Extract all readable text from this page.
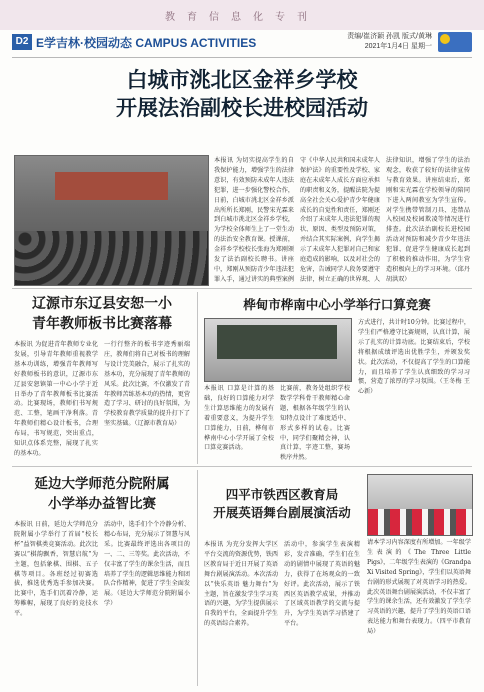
教育信息化专刊
D2 E学吉林·校园动态 CAMPUS ACTIVITIES	责编/崔济颖 孙凯 版式/黄琳
2021年1月4日 星期一
白城市洮北区金祥乡学校
开展法治副校长进校园活动
本报讯 为切实提高学生的自我保护能力，增强学生的法律意识，有效预防未成年人违法犯罪，进一步强化警校合作，日前，白城市洮北区金祥乡派出所所长郑刚，民警宋光霖来到白城市洮北区金祥乡学校，为学校全体师生上了一堂生动的法治安全教育课。授课前，金祥乡学校校长张海为郑刚颁发了法治副校长聘书。讲座中，郑刚从预防青少年违法犯罪入手，通过讲实的典型案例
守《中华人民共和国未成年人保护法》的重要性及学校、家庭在未成年人成长方面应承担的职责和义务，提醒法院为提高全社会关心爱护青少年健康成长的自觉性和责任，郑刚还介绍了未成年人违法犯罪的现状、原因、类型及预防对策，并结合其实际案例，向学生揭示了未成年人犯罪对自己和家庭造成的影响，以及对社会的危害，告诫同学人段务要遵守法律，树立正确的世界观、人
法律知识，增强了学生的法治观念，收获了较好的法律宣传与教育效果。讲座结束后，郑刚和宋光霖在学校领导的陪同下进入两间教室为学生宣传。对学生携带管制刀具、违禁品入校园及校园欺凌等情况进行排查。此次法治副校长进校园活动对预防和减少青少年违法犯罪、促进学生健康成长起到了积极的推动作用，为学生营造积极向上的学习环境。（邱丹 胡洪双）
辽源市东辽县安恕一小
青年教师板书比赛落幕
本报讯 为促进青年教师专业化发展，引导青年教师重视教学基本功训练，增强青年教师写好教师板书的意识，辽源市东辽县安恕镇第一中心小学于近日举办了青年教师板书比赛活动。比赛现场，教师们书写规范、工整，笔画干净利落。青年教师们精心设计板书，合理布局，书写规范，突出重点，知识点体系完整，展现了扎实的基本功。
一行行整齐的板书字迹秀丽端庄，教师们将自己对板书的理解与设计完美融合，展示了扎实的基本功，充分展现了青年教师的风采。此次比赛，不仅激发了青年教师苦练基本功的热情，更营造了学习、研讨的良好氛围，为学校教育教学质量的提升打下了坚实基础。（辽源市教育局）
桦甸市桦南中心小学举行口算竞赛
本报讯 口算是计算的基础，良好的口算能力对学生计算思维能力的发展有着重要意义，为提升学生口算能力，日前，桦甸市桦南中心小学开展了全校口算竞赛活动。
比赛前，教务处组织学校数学学科骨干教师精心命题，根据各年级学生的认知特点设计了难度适中、形式多样的试卷。比赛中，同学们聚精会神，认真计算，字迹工整，赛场秩序井然。
方式进行，共计时10分钟。比赛过程中，学生们严格遵守比赛规则，认真计算，展示了扎实的计算功底。比赛结束后，学校将根据成绩评选出优胜学生，并颁发奖状。此次活动，不仅提高了学生的口算能力，而且培养了学生认真细致的学习习惯，营造了浓厚的学习氛围。（王冬梅 王心新）
延边大学师范分院附属
小学举办益智比赛
本报讯 日前，延边大学师范分院附属小学举行了首届“校长杯”益智棋类竞赛活动。此次比赛以“棋韵飘香，智慧启航”为主题，包括象棋、围棋、五子棋等项目。各班经过初赛选拔，推选优秀选手参加决赛。比赛中，选手们沉着冷静，运筹帷幄，展现了良好的竞技水平。
活动中，选手们个个冷静分析、精心布局，充分展示了智慧与风采。比赛最终评选出各项目的一、二、三等奖。此次活动，不仅丰富了学生的课余生活，而且培养了学生的逻辑思维能力和团队合作精神，促进了学生全面发展。（延边大学师范分院附属小学）
四平市铁西区教育局
开展英语舞台剧展演活动
本报讯 为充分发挥大学区平台交流的资源优势，铁西区教育局于近日开展了英语舞台剧展演活动。本次活动以“快乐英语 魅力舞台”为主题，旨在激发学生学习英语的兴趣，为学生提供展示自我的平台，全面提升学生的英语综合素养。
活动中，参演学生表演精彩，发音准确，学生们在生动的剧情中展现了英语的魅力，获得了在场观众的一致好评。此次活动，展示了铁西区英语教学成果，并推动了区域英语教学的交流与提升，为学生英语学习搭建了平台。
请本学习内容深度有所增加。一年级学生表演的《The Three Little Pigs》，二年级学生表演的《Grandpa Xi Visited Spring》，学生们以英语舞台剧的形式展现了对英语学习的热爱。此次英语舞台剧展演活动，不仅丰富了学生的课余生活，还有效激发了学生学习英语的兴趣，提升了学生的英语口语表达能力和舞台表现力。（四平市教育局）
